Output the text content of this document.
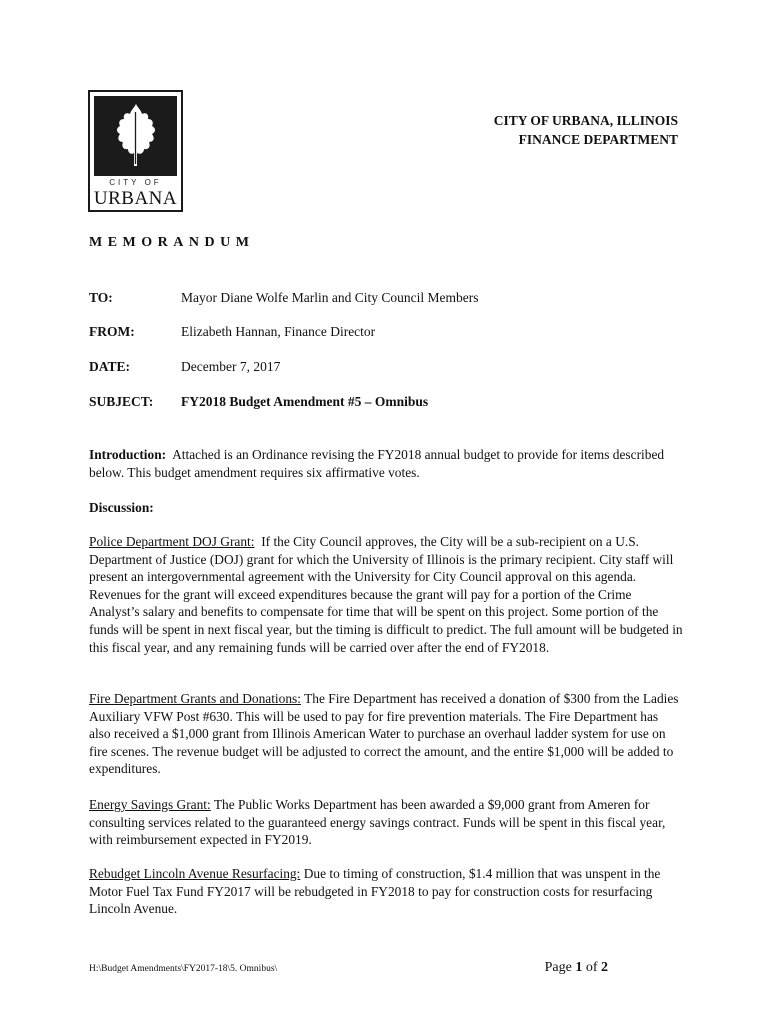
CITY OF
URBANA
CITY OF URBANA, ILLINOIS
FINANCE DEPARTMENT
MEMORANDUM
TO:	Mayor Diane Wolfe Marlin and City Council Members
FROM:	Elizabeth Hannan, Finance Director
DATE:	December 7, 2017
SUBJECT: FY2018 Budget Amendment #5 – Omnibus
Introduction: Attached is an Ordinance revising the FY2018 annual budget to provide for items described below. This budget amendment requires six affirmative votes.
Discussion:
Police Department DOJ Grant: If the City Council approves, the City will be a sub-recipient on a U.S. Department of Justice (DOJ) grant for which the University of Illinois is the primary recipient. City staff will present an intergovernmental agreement with the University for City Council approval on this agenda. Revenues for the grant will exceed expenditures because the grant will pay for a portion of the Crime Analyst’s salary and benefits to compensate for time that will be spent on this project. Some portion of the funds will be spent in next fiscal year, but the timing is difficult to predict. The full amount will be budgeted in this fiscal year, and any remaining funds will be carried over after the end of FY2018.
Fire Department Grants and Donations: The Fire Department has received a donation of $300 from the Ladies Auxiliary VFW Post #630. This will be used to pay for fire prevention materials. The Fire Department has also received a $1,000 grant from Illinois American Water to purchase an overhaul ladder system for use on fire scenes. The revenue budget will be adjusted to correct the amount, and the entire $1,000 will be added to expenditures.
Energy Savings Grant: The Public Works Department has been awarded a $9,000 grant from Ameren for consulting services related to the guaranteed energy savings contract. Funds will be spent in this fiscal year, with reimbursement expected in FY2019.
Rebudget Lincoln Avenue Resurfacing: Due to timing of construction, $1.4 million that was unspent in the Motor Fuel Tax Fund FY2017 will be rebudgeted in FY2018 to pay for construction costs for resurfacing Lincoln Avenue.
H:\Budget Amendments\FY2017-18\5. Omnibus\	Page 1 of 2
